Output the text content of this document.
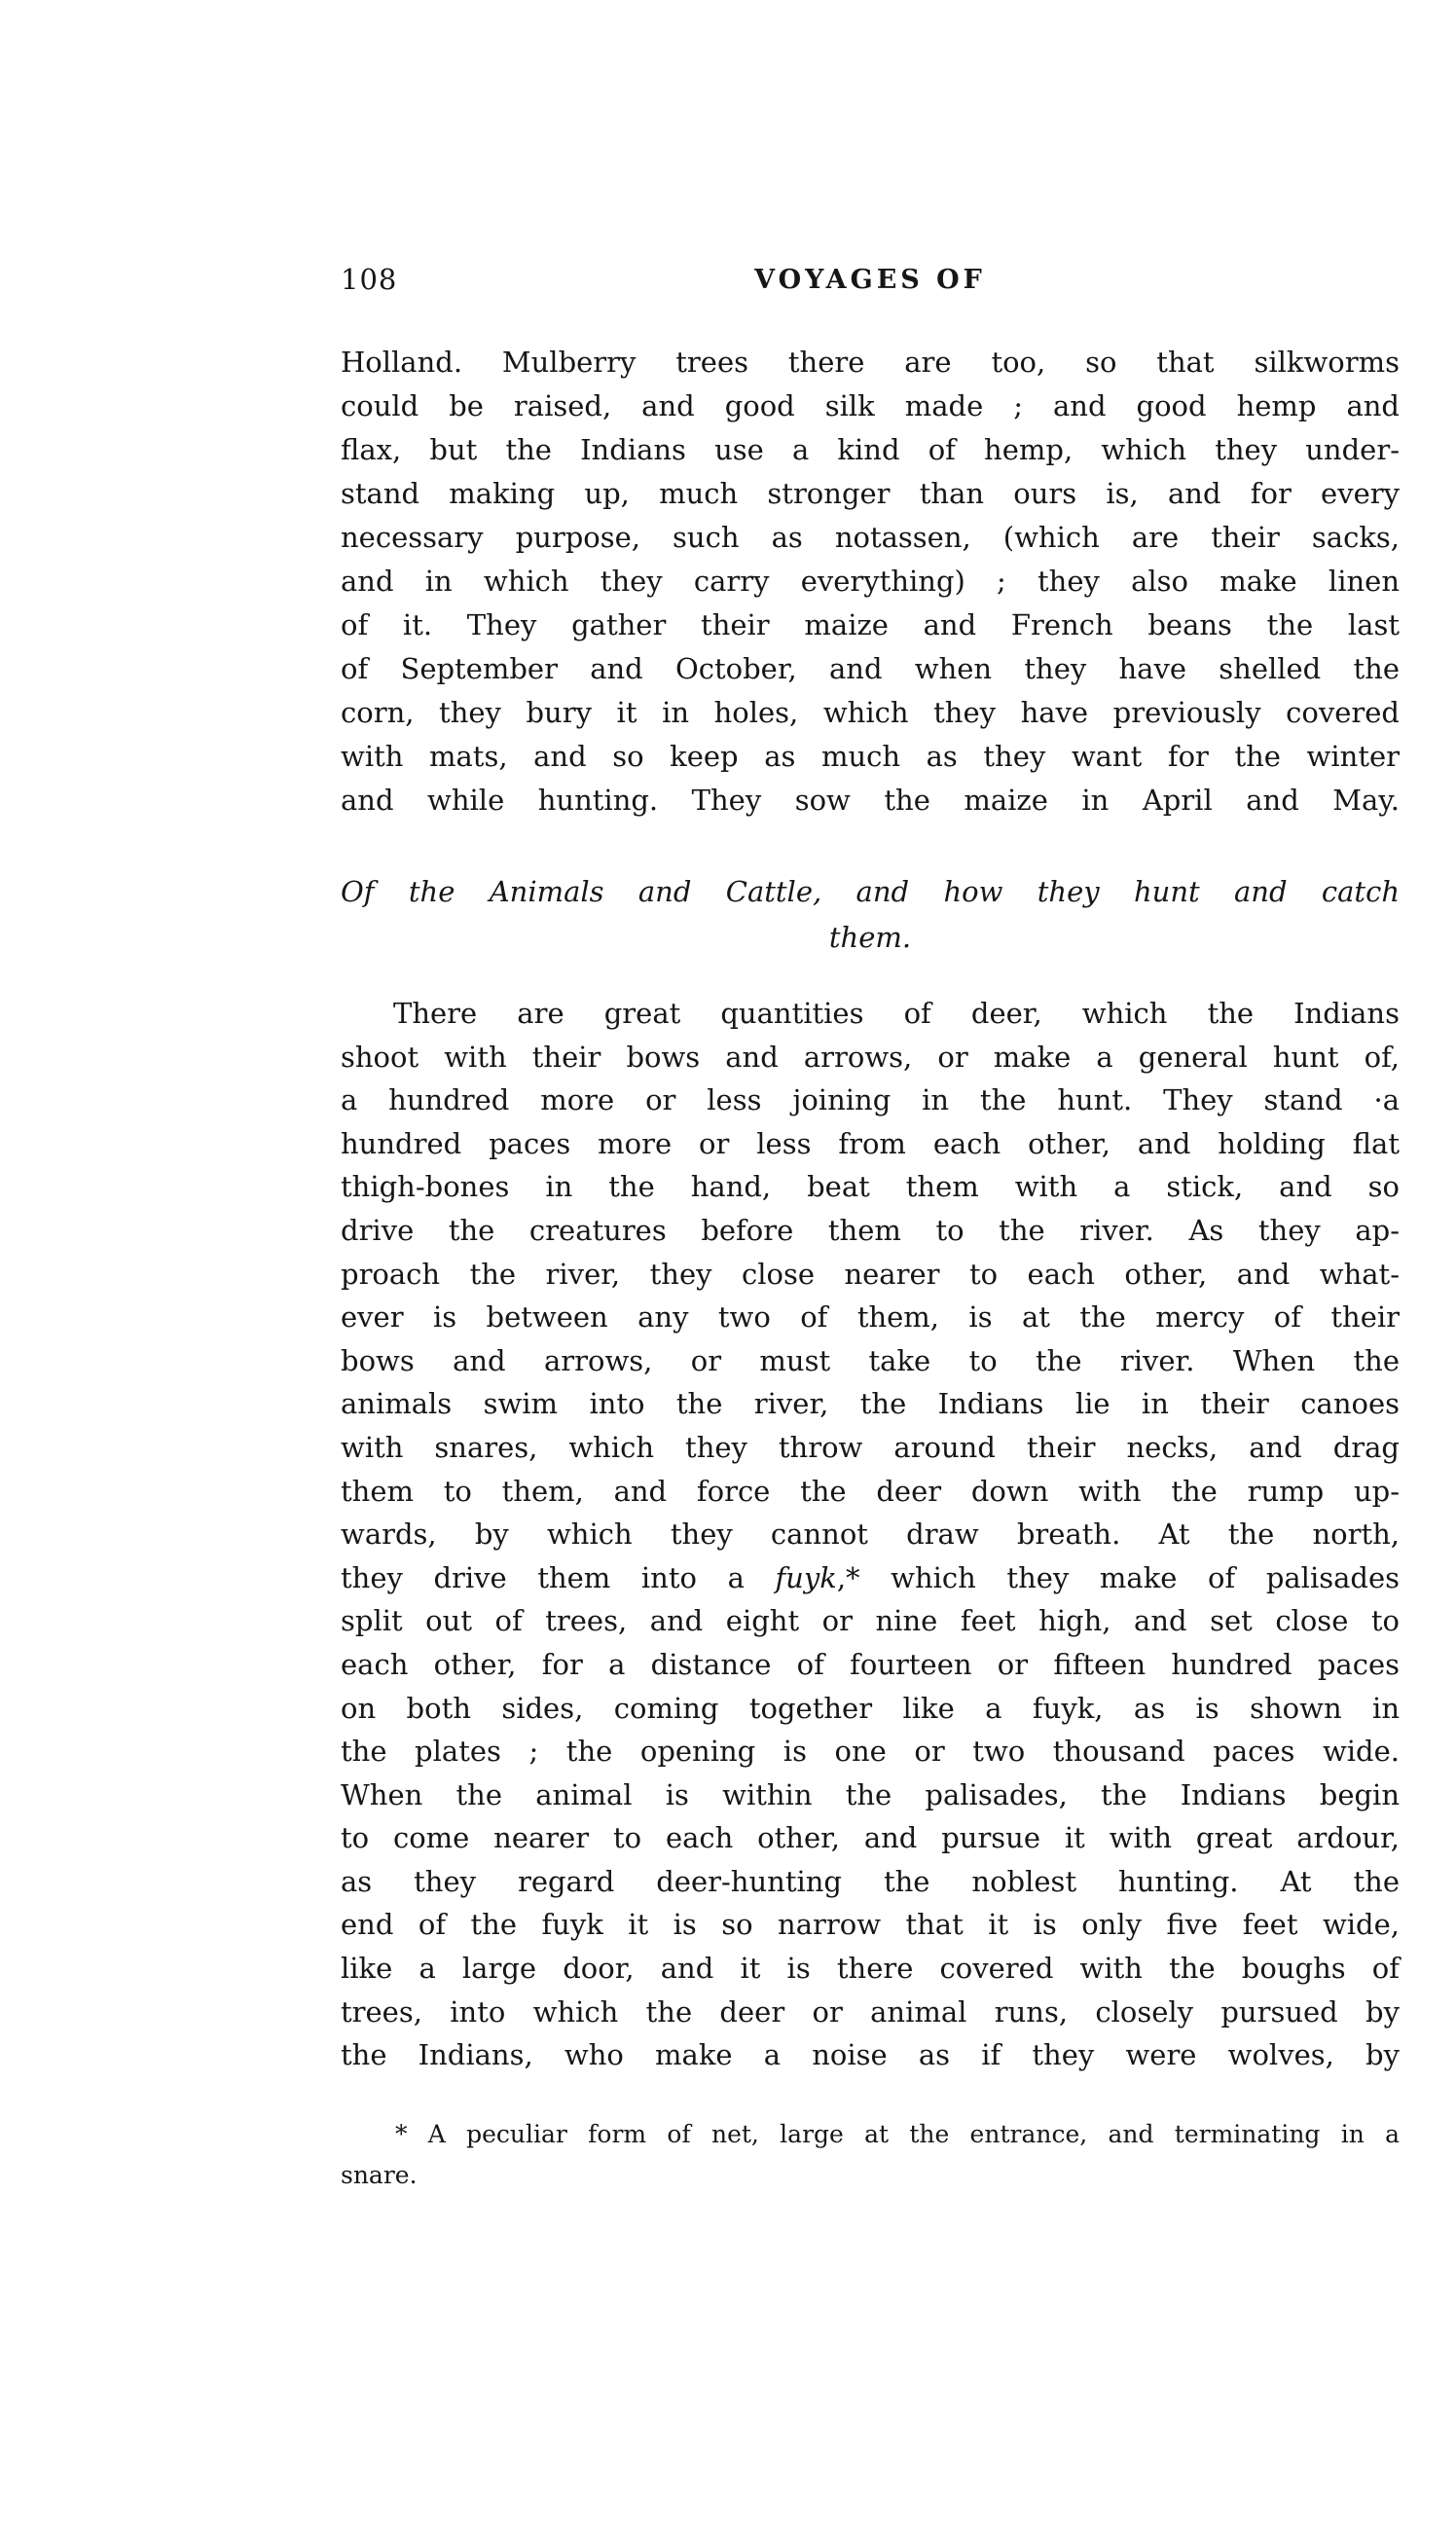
108	VOYAGES OF
Holland. Mulberry trees there are too, so that silkworms
could be raised, and good silk made ; and good hemp and
flax, but the Indians use a kind of hemp, which they under-
stand making up, much stronger than ours is, and for every
necessary purpose, such as notassen, (which are their sacks,
and in which they carry everything) ; they also make linen
of it. They gather their maize and French beans the last
of September and October, and when they have shelled the
corn, they bury it in holes, which they have previously covered
with mats, and so keep as much as they want for the winter
and while hunting. They sow the maize in April and May.
Of the Animals and Cattle, and how they hunt and catch
them.
There are great quantities of deer, which the Indians
shoot with their bows and arrows, or make a general hunt of,
a hundred more or less joining in the hunt. They stand ·a
hundred paces more or less from each other, and holding flat
thigh-bones in the hand, beat them with a stick, and so
drive the creatures before them to the river. As they ap-
proach the river, they close nearer to each other, and what-
ever is between any two of them, is at the mercy of their
bows and arrows, or must take to the river. When the
animals swim into the river, the Indians lie in their canoes
with snares, which they throw around their necks, and drag
them to them, and force the deer down with the rump up-
wards, by which they cannot draw breath. At the north,
they drive them into a fuyk,* which they make of palisades
split out of trees, and eight or nine feet high, and set close to
each other, for a distance of fourteen or fifteen hundred paces
on both sides, coming together like a fuyk, as is shown in
the plates ; the opening is one or two thousand paces wide.
When the animal is within the palisades, the Indians begin
to come nearer to each other, and pursue it with great ardour,
as they regard deer-hunting the noblest hunting. At the
end of the fuyk it is so narrow that it is only five feet wide,
like a large door, and it is there covered with the boughs of
trees, into which the deer or animal runs, closely pursued by
the Indians, who make a noise as if they were wolves, by
* A peculiar form of net, large at the entrance, and terminating in a
snare.
